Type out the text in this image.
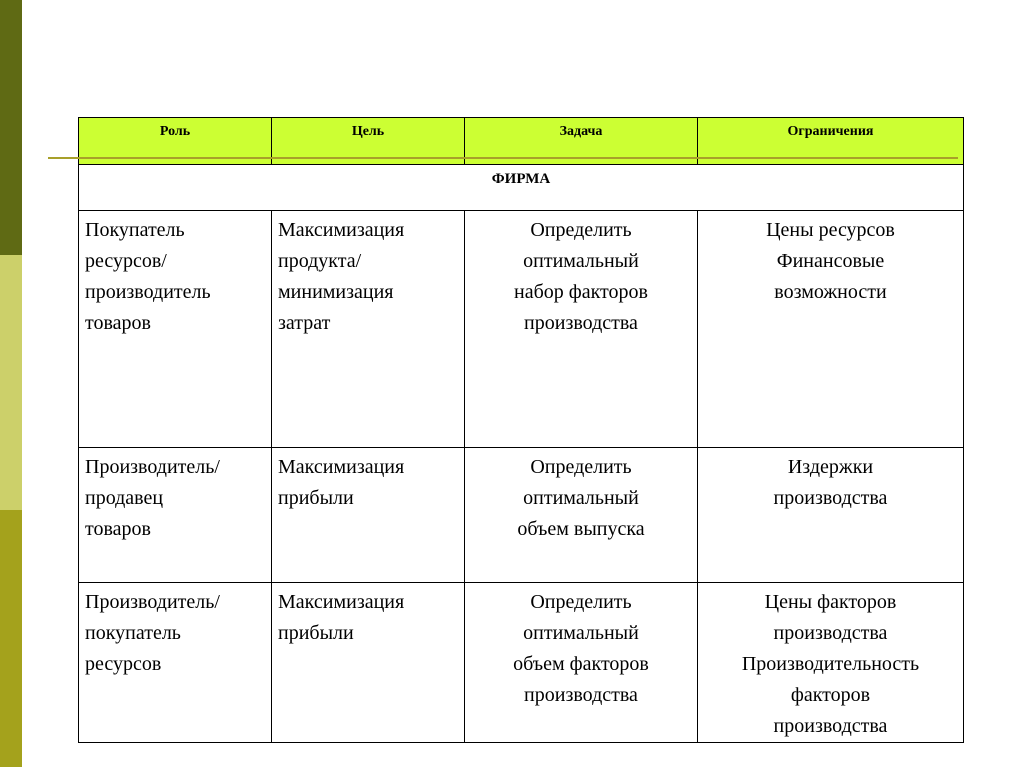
Роль	Цель	Задача	Ограничения
ФИРМА			

Покупатель
ресурсов/
производитель
товаров	Максимизация
продукта/
минимизация
затрат	Определить
оптимальный
набор факторов
производства	Цены ресурсов
Финансовые
возможности

Производитель/
продавец
товаров	Максимизация
прибыли	Определить
оптимальный
объем выпуска	Издержки
производства

Производитель/
покупатель
ресурсов	Максимизация
прибыли	Определить
оптимальный
объем факторов
производства	Цены факторов
производства
Производительность
факторов
производства
